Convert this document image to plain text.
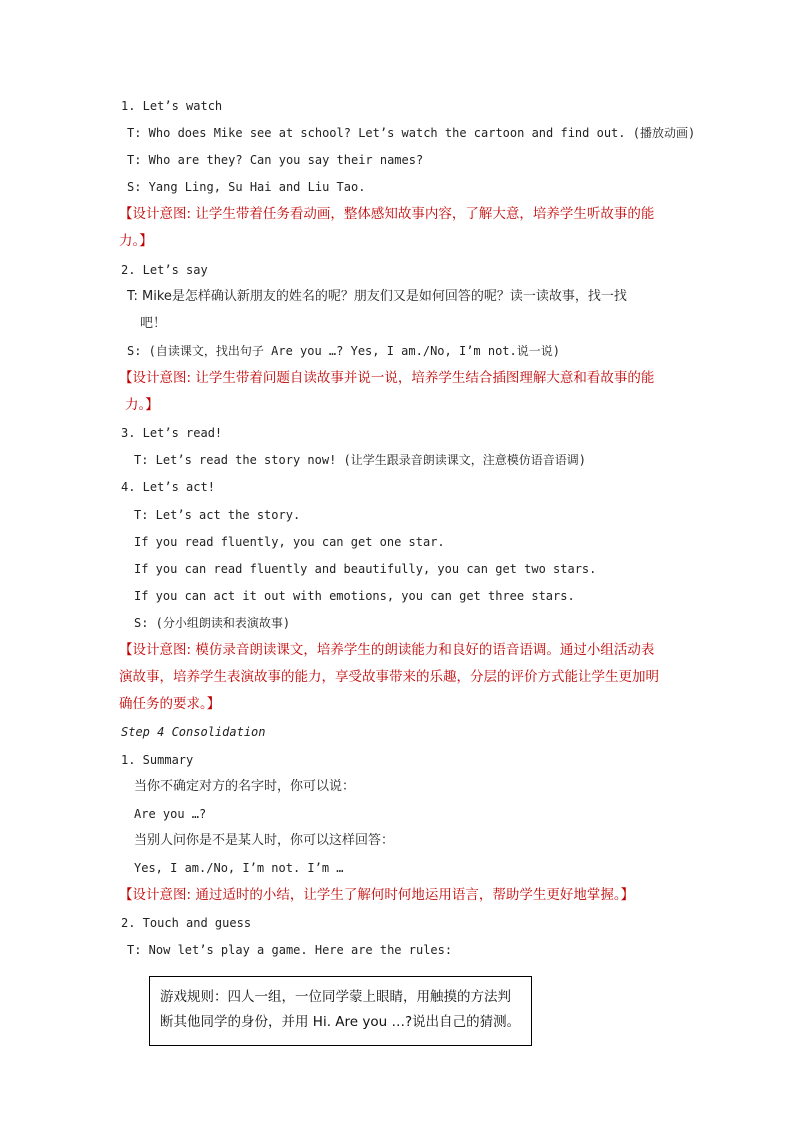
1. Let’s watch
T: Who does Mike see at school? Let’s watch the cartoon and find out. (播放动画)
T: Who are they? Can you say their names?
S: Yang Ling, Su Hai and Liu Tao.
【设计意图: 让学生带着任务看动画，整体感知故事内容，了解大意，培养学生听故事的能
力。】
2. Let’s say
T: Mike是怎样确认新朋友的姓名的呢？朋友们又是如何回答的呢？读一读故事，找一找
吧！
S: (自读课文，找出句子 Are you …? Yes, I am./No, I’m not.说一说)
【设计意图: 让学生带着问题自读故事并说一说，培养学生结合插图理解大意和看故事的能
力。】
3. Let’s read!
T: Let’s read the story now! (让学生跟录音朗读课文，注意模仿语音语调)
4. Let’s act!
T: Let’s act the story.
If you read fluently, you can get one star.
If you can read fluently and beautifully, you can get two stars.
If you can act it out with emotions, you can get three stars.
S: (分小组朗读和表演故事)
【设计意图: 模仿录音朗读课文，培养学生的朗读能力和良好的语音语调。通过小组活动表
演故事，培养学生表演故事的能力，享受故事带来的乐趣，分层的评价方式能让学生更加明
确任务的要求。】
Step 4 Consolidation
1. Summary
当你不确定对方的名字时，你可以说：
Are you …?
当别人问你是不是某人时，你可以这样回答：
Yes, I am./No, I’m not. I’m …
【设计意图: 通过适时的小结，让学生了解何时何地运用语言，帮助学生更好地掌握。】
2. Touch and guess
T: Now let’s play a game. Here are the rules:
游戏规则：四人一组，一位同学蒙上眼睛，用触摸的方法判
断其他同学的身份，并用 Hi. Are you …?说出自己的猜测。
